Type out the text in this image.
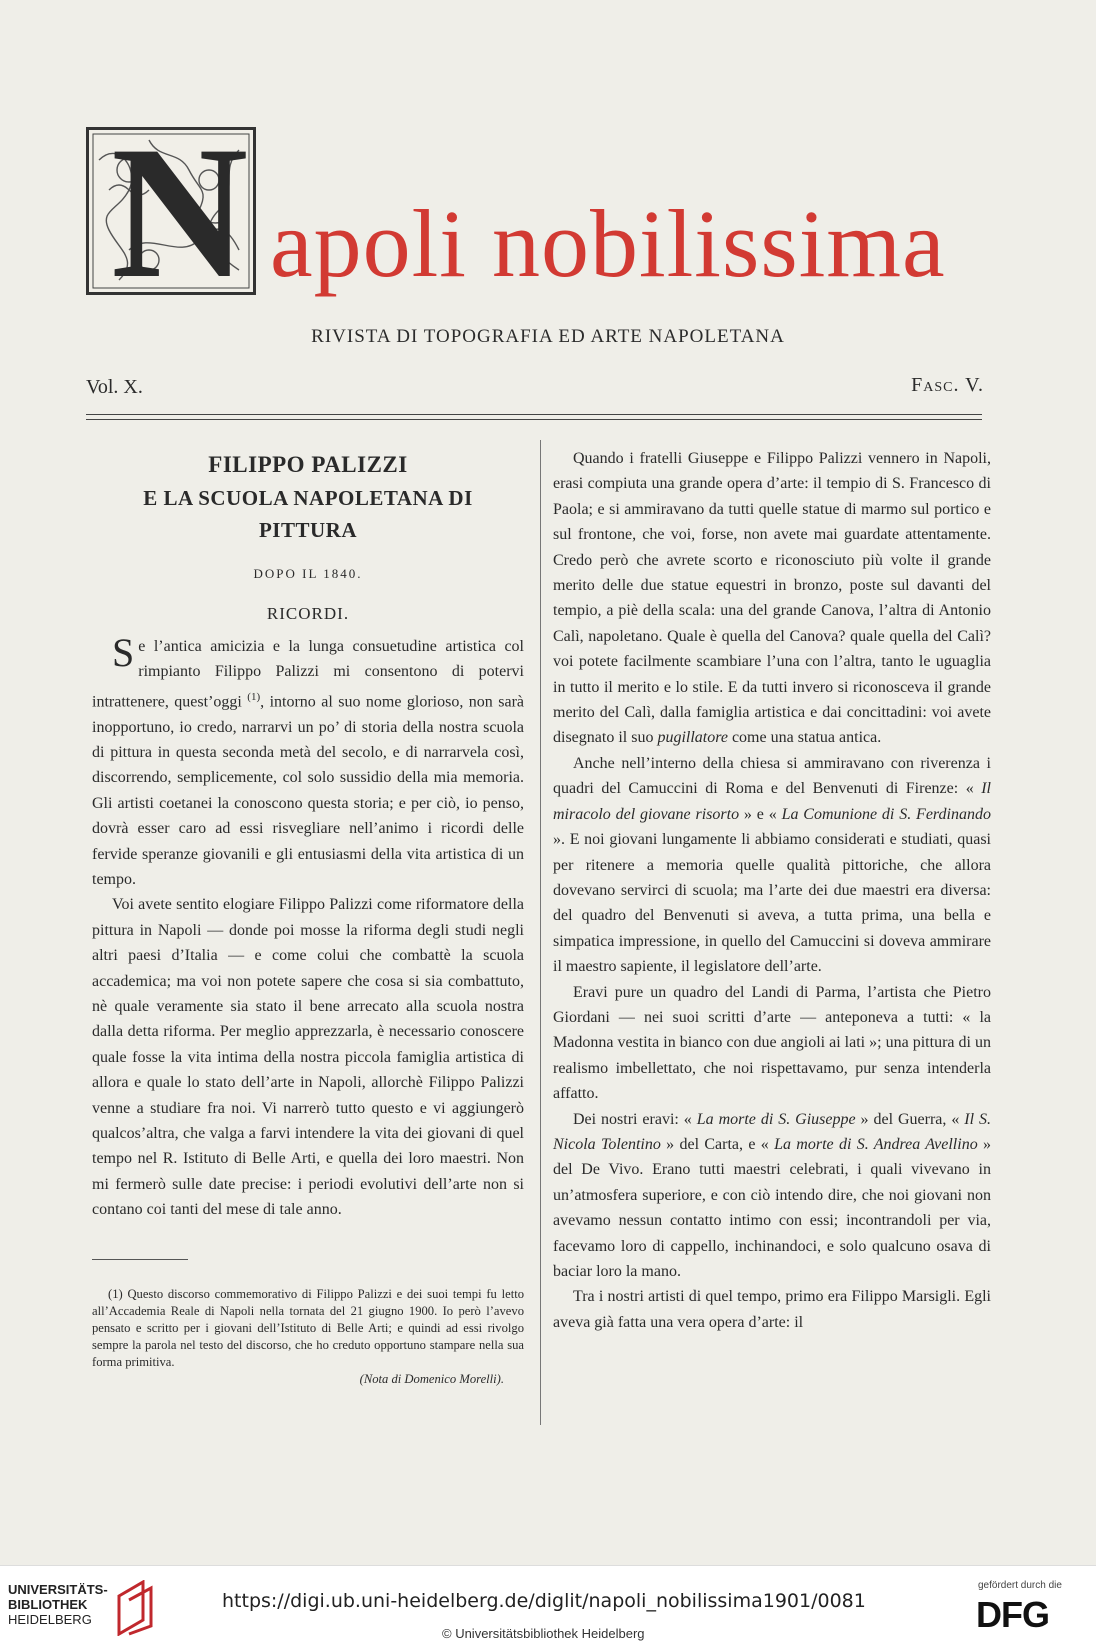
N apoli nobilissima
RIVISTA DI TOPOGRAFIA ED ARTE NAPOLETANA
Vol. X.	Fasc. V.
FILIPPO PALIZZI
E LA SCUOLA NAPOLETANA DI PITTURA
DOPO IL 1840.
RICORDI.

Se l’antica amicizia e la lunga consuetudine artistica col rimpianto Filippo Palizzi mi consentono di potervi intrattenere, quest’oggi $^{(1)}$, intorno al suo nome glorioso, non sarà inopportuno, io credo, narrarvi un po’ di storia della nostra scuola di pittura in questa seconda metà del secolo, e di narrarvela così, discorrendo, semplicemente, col solo sussidio della mia memoria. Gli artisti coetanei la conoscono questa storia; e per ciò, io penso, dovrà esser caro ad essi risvegliare nell’animo i ricordi delle fervide speranze giovanili e gli entusiasmi della vita artistica di un tempo.

Voi avete sentito elogiare Filippo Palizzi come riformatore della pittura in Napoli — donde poi mosse la riforma degli studi negli altri paesi d’Italia — e come colui che combattè la scuola accademica; ma voi non potete sapere che cosa si sia combattuto, nè quale veramente sia stato il bene arrecato alla scuola nostra dalla detta riforma. Per meglio apprezzarla, è necessario conoscere quale fosse la vita intima della nostra piccola famiglia artistica di allora e quale lo stato dell’arte in Napoli, allorchè Filippo Palizzi venne a studiare fra noi. Vi narrerò tutto questo e vi aggiungerò qualcos’altra, che valga a farvi intendere la vita dei giovani di quel tempo nel R. Istituto di Belle Arti, e quella dei loro maestri. Non mi fermerò sulle date precise: i periodi evolutivi dell’arte non si contano coi tanti del mese di tale anno.

(1) Questo discorso commemorativo di Filippo Palizzi e dei suoi tempi fu letto all’Accademia Reale di Napoli nella tornata del 21 giugno 1900. Io però l’avevo pensato e scritto per i giovani dell’Istituto di Belle Arti; e quindi ad essi rivolgo sempre la parola nel testo del discorso, che ho creduto opportuno stampare nella sua forma primitiva.

(Nota di Domenico Morelli).

Quando i fratelli Giuseppe e Filippo Palizzi vennero in Napoli, erasi compiuta una grande opera d’arte: il tempio di S. Francesco di Paola; e si ammiravano da tutti quelle statue di marmo sul portico e sul frontone, che voi, forse, non avete mai guardate attentamente. Credo però che avrete scorto e riconosciuto più volte il grande merito delle due statue equestri in bronzo, poste sul davanti del tempio, a piè della scala: una del grande Canova, l’altra di Antonio Calì, napoletano. Quale è quella del Canova? quale quella del Calì? voi potete facilmente scambiare l’una con l’altra, tanto le uguaglia in tutto il merito e lo stile. E da tutti invero si riconosceva il grande merito del Calì, dalla famiglia artistica e dai concittadini: voi avete disegnato il suo pugillatore come una statua antica.

Anche nell’interno della chiesa si ammiravano con riverenza i quadri del Camuccini di Roma e del Benvenuti di Firenze: « Il miracolo del giovane risorto » e « La Comunione di S. Ferdinando ». E noi giovani lungamente li abbiamo considerati e studiati, quasi per ritenere a memoria quelle qualità pittoriche, che allora dovevano servirci di scuola; ma l’arte dei due maestri era diversa: del quadro del Benvenuti si aveva, a tutta prima, una bella e simpatica impressione, in quello del Camuccini si doveva ammirare il maestro sapiente, il legislatore dell’arte.

Eravi pure un quadro del Landi di Parma, l’artista che Pietro Giordani — nei suoi scritti d’arte — anteponeva a tutti: « la Madonna vestita in bianco con due angioli ai lati »; una pittura di un realismo imbellettato, che noi rispettavamo, pur senza intenderla affatto.

Dei nostri eravi: « La morte di S. Giuseppe » del Guerra, « Il S. Nicola Tolentino » del Carta, e « La morte di S. Andrea Avellino » del De Vivo. Erano tutti maestri celebrati, i quali vivevano in un’atmosfera superiore, e con ciò intendo dire, che noi giovani non avevamo nessun contatto intimo con essi; incontrandoli per via, facevamo loro di cappello, inchinandoci, e solo qualcuno osava di baciar loro la mano.

Tra i nostri artisti di quel tempo, primo era Filippo Marsigli. Egli aveva già fatta una vera opera d’arte: il

UNIVERSITÄTS-
BIBLIOTHEK
HEIDELBERG
https://digi.ub.uni-heidelberg.de/diglit/napoli_nobilissima1901/0081
© Universitätsbibliothek Heidelberg
gefördert durch die
DFG
